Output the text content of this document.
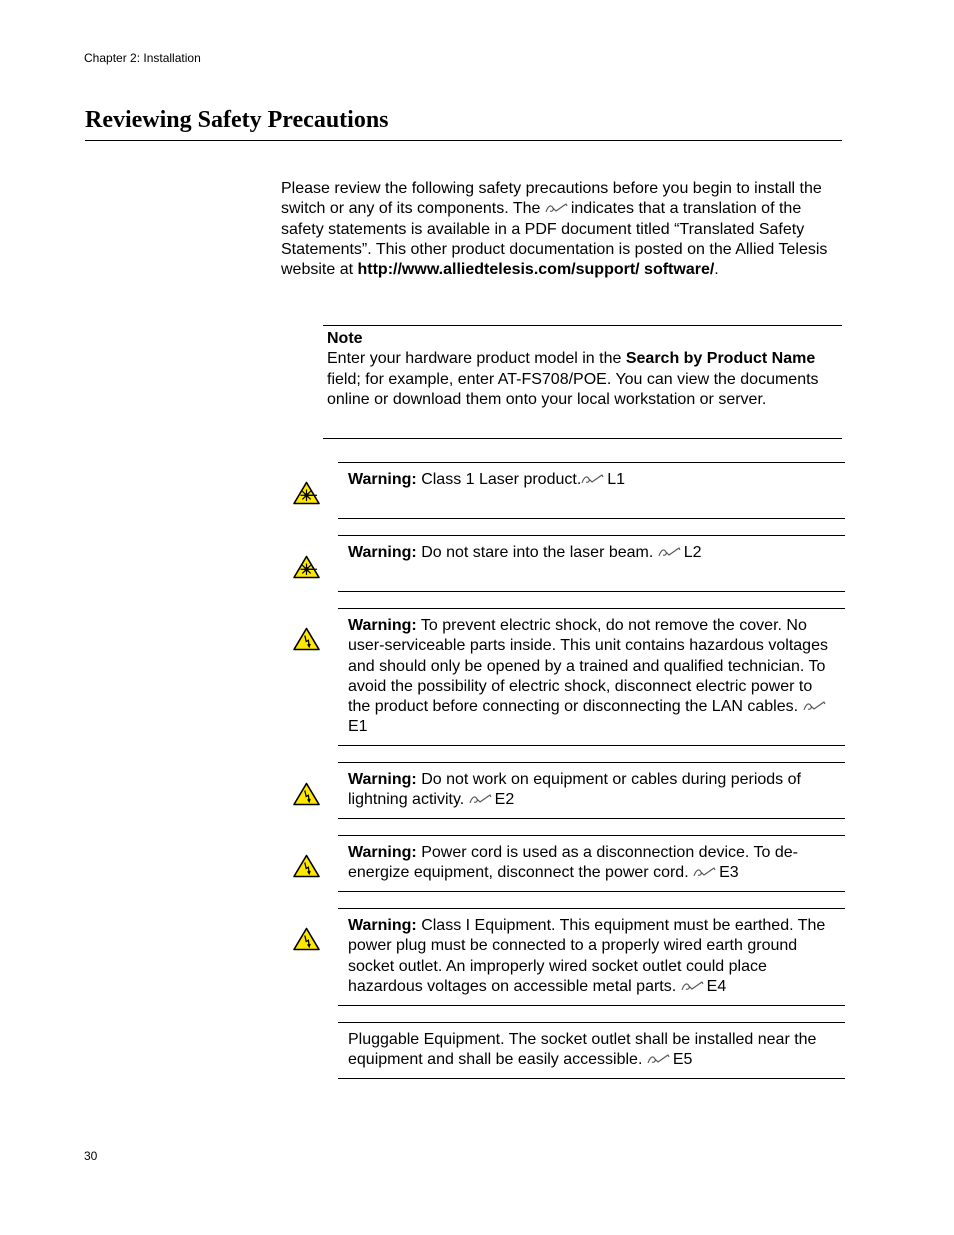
Chapter 2: Installation
Reviewing Safety Precautions
Please review the following safety precautions before you begin to install the switch or any of its components. The indicates that a translation of the safety statements is available in a PDF document titled “Translated Safety Statements”. This other product documentation is posted on the Allied Telesis website at http://www.alliedtelesis.com/support/ software/.
Note
Enter your hardware product model in the Search by Product Name field; for example, enter AT-FS708/POE. You can view the documents online or download them onto your local workstation or server.
Warning: Class 1 Laser product. L1
Warning: Do not stare into the laser beam. L2
Warning: To prevent electric shock, do not remove the cover. No user-serviceable parts inside. This unit contains hazardous voltages and should only be opened by a trained and qualified technician. To avoid the possibility of electric shock, disconnect electric power to the product before connecting or disconnecting the LAN cables. E1
Warning: Do not work on equipment or cables during periods of lightning activity. E2
Warning: Power cord is used as a disconnection device. To de-energize equipment, disconnect the power cord. E3
Warning: Class I Equipment. This equipment must be earthed. The power plug must be connected to a properly wired earth ground socket outlet. An improperly wired socket outlet could place hazardous voltages on accessible metal parts. E4
Pluggable Equipment. The socket outlet shall be installed near the equipment and shall be easily accessible. E5
30
